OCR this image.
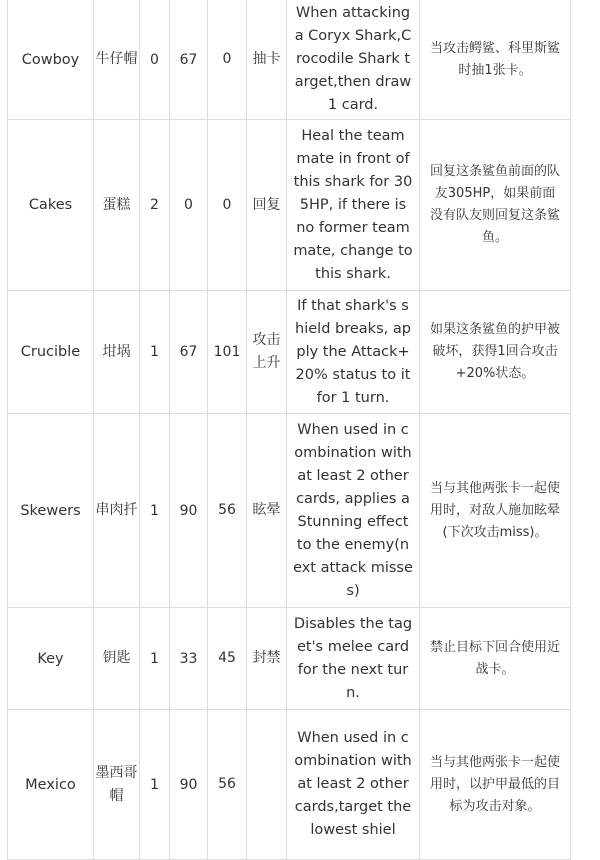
Cowboy	牛仔帽	0	67	0	抽卡	When attacking a Coryx Shark,Crocodile Shark target,then draw 1 card.	当攻击鳄鲨、科里斯鲨时抽1张卡。
Cakes	蛋糕	2	0	0	回复	Heal the team mate in front of this shark for 305HP, if there is no former team mate, change to this shark.	回复这条鲨鱼前面的队友305HP，如果前面没有队友则回复这条鲨鱼。
Crucible	坩埚	1	67	101	攻击上升	If that shark's shield breaks, apply the Attack+20% status to it for 1 turn.	如果这条鲨鱼的护甲被破坏，获得1回合攻击+20%状态。
Skewers	串肉扦	1	90	56	眩晕	When used in combination with at least 2 other cards, applies a Stunning effect to the enemy(next attack misses)	当与其他两张卡一起使用时，对敌人施加眩晕(下次攻击miss)。
Key	钥匙	1	33	45	封禁	Disables the taget's melee card for the next turn.	禁止目标下回合使用近战卡。
Mexico	墨西哥帽	1	90	56		When used in combination with at least 2 other cards,target the lowest shiel	当与其他两张卡一起使用时，以护甲最低的目标为攻击对象。
